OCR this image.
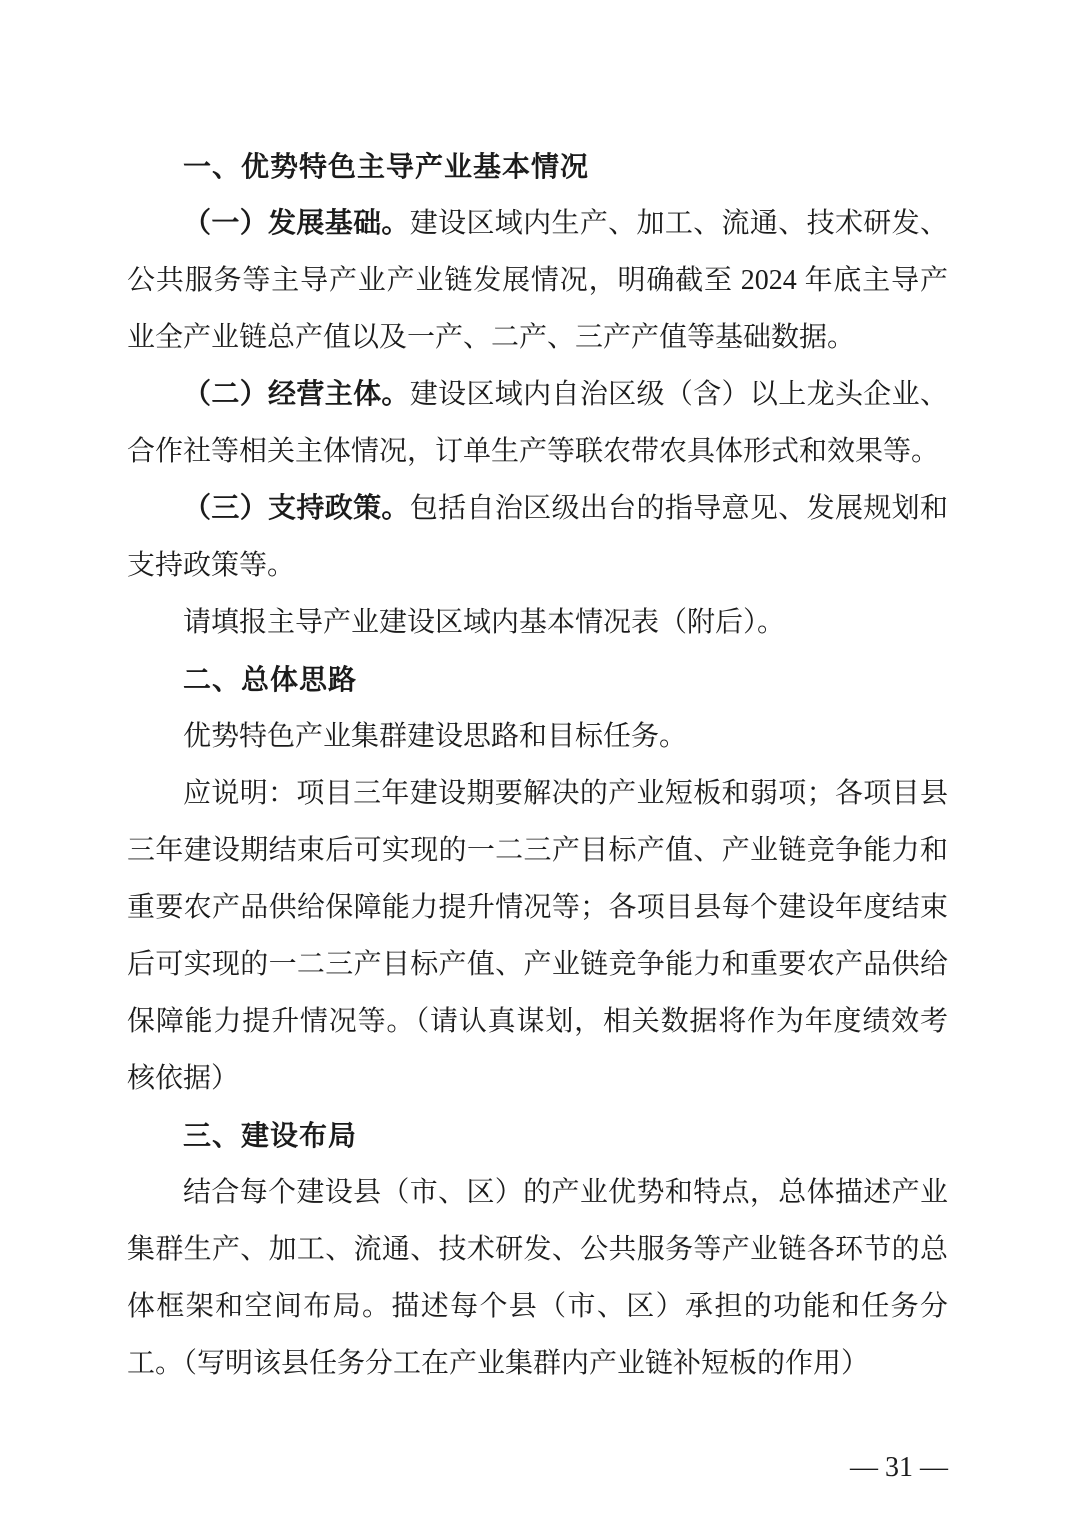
一、优势特色主导产业基本情况

（一）发展基础。建设区域内生产、加工、流通、技术研发、公共服务等主导产业产业链发展情况，明确截至 2024 年底主导产业全产业链总产值以及一产、二产、三产产值等基础数据。

（二）经营主体。建设区域内自治区级（含）以上龙头企业、合作社等相关主体情况，订单生产等联农带农具体形式和效果等。

（三）支持政策。包括自治区级出台的指导意见、发展规划和支持政策等。

请填报主导产业建设区域内基本情况表（附后）。

二、总体思路

优势特色产业集群建设思路和目标任务。

应说明：项目三年建设期要解决的产业短板和弱项；各项目县三年建设期结束后可实现的一二三产目标产值、产业链竞争能力和重要农产品供给保障能力提升情况等；各项目县每个建设年度结束后可实现的一二三产目标产值、产业链竞争能力和重要农产品供给保障能力提升情况等。（请认真谋划，相关数据将作为年度绩效考核依据）

三、建设布局

结合每个建设县（市、区）的产业优势和特点，总体描述产业集群生产、加工、流通、技术研发、公共服务等产业链各环节的总体框架和空间布局。描述每个县（市、区）承担的功能和任务分工。（写明该县任务分工在产业集群内产业链补短板的作用）

— 31 —
